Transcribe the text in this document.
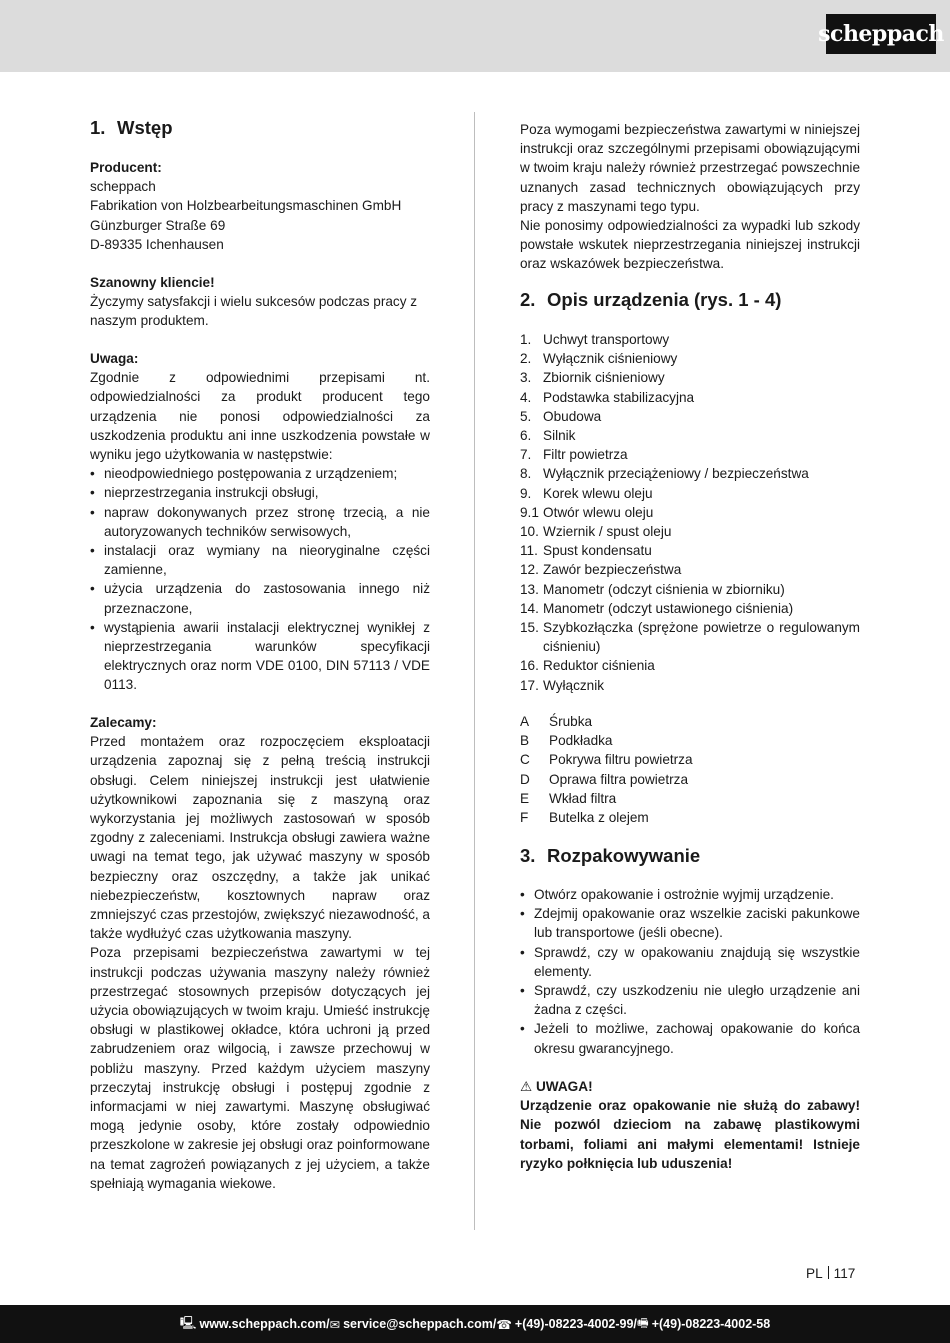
scheppach
1. Wstęp
Producent:
scheppach
Fabrikation von Holzbearbeitungsmaschinen GmbH
Günzburger Straße 69
D-89335 Ichenhausen
Szanowny kliencie!
Życzymy satysfakcji i wielu sukcesów podczas pracy z naszym produktem.
Uwaga:
Zgodnie z odpowiednimi przepisami nt. odpowiedzialności za produkt producent tego urządzenia nie ponosi odpowiedzialności za uszkodzenia produktu ani inne uszkodzenia powstałe w wyniku jego użytkowania w następstwie:
• nieodpowiedniego postępowania z urządzeniem;
• nieprzestrzegania instrukcji obsługi,
• napraw dokonywanych przez stronę trzecią, a nie autoryzowanych techników serwisowych,
• instalacji oraz wymiany na nieoryginalne części zamienne,
• użycia urządzenia do zastosowania innego niż przeznaczone,
• wystąpienia awarii instalacji elektrycznej wynikłej z nieprzestrzegania warunków specyfikacji elektrycznych oraz norm VDE 0100, DIN 57113 / VDE 0113.
Zalecamy:
Przed montażem oraz rozpoczęciem eksploatacji urządzenia zapoznaj się z pełną treścią instrukcji obsługi. Celem niniejszej instrukcji jest ułatwienie użytkownikowi zapoznania się z maszyną oraz wykorzystania jej możliwych zastosowań w sposób zgodny z zaleceniami. Instrukcja obsługi zawiera ważne uwagi na temat tego, jak używać maszyny w sposób bezpieczny oraz oszczędny, a także jak unikać niebezpieczeństw, kosztownych napraw oraz zmniejszyć czas przestojów, zwiększyć niezawodność, a także wydłużyć czas użytkowania maszyny.
Poza przepisami bezpieczeństwa zawartymi w tej instrukcji podczas używania maszyny należy również przestrzegać stosownych przepisów dotyczących jej użycia obowiązujących w twoim kraju. Umieść instrukcję obsługi w plastikowej okładce, która uchroni ją przed zabrudzeniem oraz wilgocią, i zawsze przechowuj w pobliżu maszyny. Przed każdym użyciem maszyny przeczytaj instrukcję obsługi i postępuj zgodnie z informacjami w niej zawartymi. Maszynę obsługiwać mogą jedynie osoby, które zostały odpowiednio przeszkolone w zakresie jej obsługi oraz poinformowane na temat zagrożeń powiązanych z jej użyciem, a także spełniają wymagania wiekowe.
Poza wymogami bezpieczeństwa zawartymi w niniejszej instrukcji oraz szczególnymi przepisami obowiązującymi w twoim kraju należy również przestrzegać powszechnie uznanych zasad technicznych obowiązujących przy pracy z maszynami tego typu.
Nie ponosimy odpowiedzialności za wypadki lub szkody powstałe wskutek nieprzestrzegania niniejszej instrukcji oraz wskazówek bezpieczeństwa.
2. Opis urządzenia (rys. 1 - 4)
1. Uchwyt transportowy
2. Wyłącznik ciśnieniowy
3. Zbiornik ciśnieniowy
4. Podstawka stabilizacyjna
5. Obudowa
6. Silnik
7. Filtr powietrza
8. Wyłącznik przeciążeniowy / bezpieczeństwa
9. Korek wlewu oleju
9.1 Otwór wlewu oleju
10. Wziernik / spust oleju
11. Spust kondensatu
12. Zawór bezpieczeństwa
13. Manometr (odczyt ciśnienia w zbiorniku)
14. Manometr (odczyt ustawionego ciśnienia)
15. Szybkozłączka (sprężone powietrze o regulowanym ciśnieniu)
16. Reduktor ciśnienia
17. Wyłącznik
A Śrubka
B Podkładka
C Pokrywa filtru powietrza
D Oprawa filtra powietrza
E Wkład filtra
F Butelka z olejem
3. Rozpakowywanie
• Otwórz opakowanie i ostrożnie wyjmij urządzenie.
• Zdejmij opakowanie oraz wszelkie zaciski pakunkowe lub transportowe (jeśli obecne).
• Sprawdź, czy w opakowaniu znajdują się wszystkie elementy.
• Sprawdź, czy uszkodzeniu nie uległo urządzenie ani żadna z części.
• Jeżeli to możliwe, zachowaj opakowanie do końca okresu gwarancyjnego.
⚠ UWAGA!
Urządzenie oraz opakowanie nie służą do zabawy! Nie pozwól dzieciom na zabawę plastikowymi torbami, foliami ani małymi elementami! Istnieje ryzyko połknięcia lub uduszenia!
PL 117
🖳 www.scheppach.com / ✉ service@scheppach.com / ☎ +(49)-08223-4002-99 / 🖷 +(49)-08223-4002-58
